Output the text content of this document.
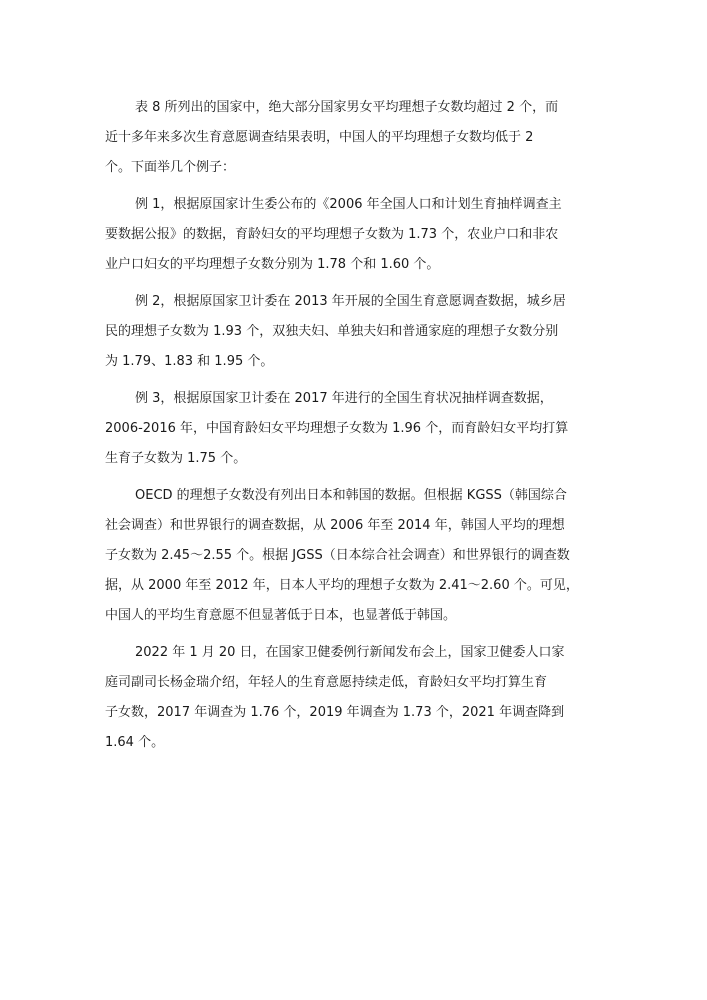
表 8 所列出的国家中，绝大部分国家男女平均理想子女数均超过 2 个，而
近十多年来多次生育意愿调查结果表明，中国人的平均理想子女数均低于 2
个。下面举几个例子：

例 1，根据原国家计生委公布的《2006 年全国人口和计划生育抽样调查主
要数据公报》的数据，育龄妇女的平均理想子女数为 1.73 个，农业户口和非农
业户口妇女的平均理想子女数分别为 1.78 个和 1.60 个。

例 2，根据原国家卫计委在 2013 年开展的全国生育意愿调查数据，城乡居
民的理想子女数为 1.93 个，双独夫妇、单独夫妇和普通家庭的理想子女数分别
为 1.79、1.83 和 1.95 个。

例 3，根据原国家卫计委在 2017 年进行的全国生育状况抽样调查数据，
2006-2016 年，中国育龄妇女平均理想子女数为 1.96 个，而育龄妇女平均打算
生育子女数为 1.75 个。

OECD 的理想子女数没有列出日本和韩国的数据。但根据 KGSS（韩国综合
社会调查）和世界银行的调查数据，从 2006 年至 2014 年，韩国人平均的理想
子女数为 2.45～2.55 个。根据 JGSS（日本综合社会调查）和世界银行的调查数
据，从 2000 年至 2012 年，日本人平均的理想子女数为 2.41～2.60 个。可见，
中国人的平均生育意愿不但显著低于日本，也显著低于韩国。

2022 年 1 月 20 日，在国家卫健委例行新闻发布会上，国家卫健委人口家
庭司副司长杨金瑞介绍，年轻人的生育意愿持续走低，育龄妇女平均打算生育
子女数，2017 年调查为 1.76 个，2019 年调查为 1.73 个，2021 年调查降到
1.64 个。
